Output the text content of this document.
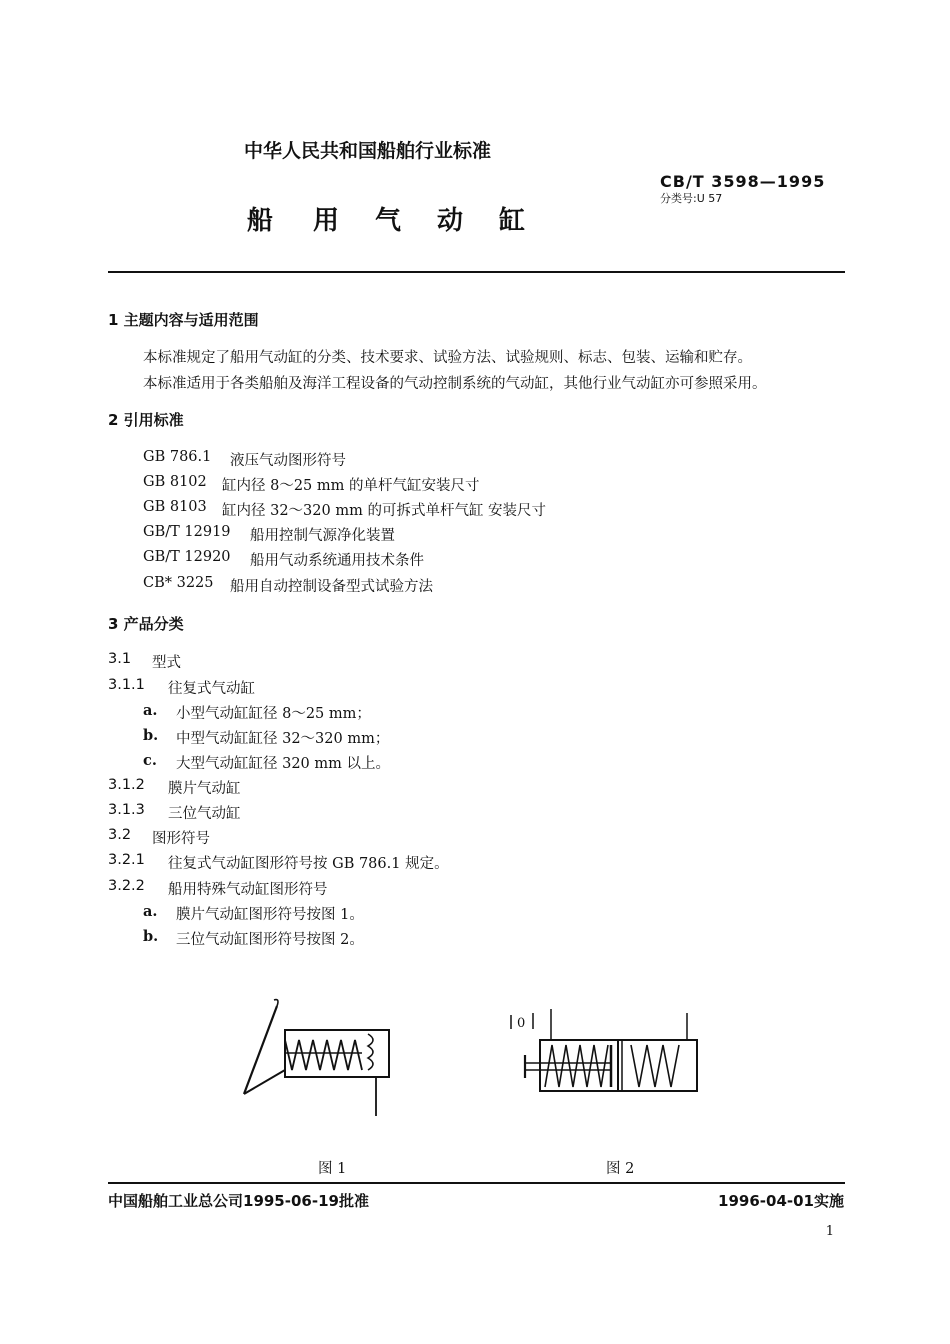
中华人民共和国船舶行业标准
CB/T 3598—1995
分类号:U 57
船 用 气 动 缸
1 主题内容与适用范围
本标准规定了船用气动缸的分类、技术要求、试验方法、试验规则、标志、包装、运输和贮存。
本标准适用于各类船舶及海洋工程设备的气动控制系统的气动缸，其他行业气动缸亦可参照采用。
2 引用标准
GB 786.1 液压气动图形符号
GB 8102 缸内径 8～25 mm 的单杆气缸安装尺寸
GB 8103 缸内径 32～320 mm 的可拆式单杆气缸 安装尺寸
GB/T 12919 船用控制气源净化装置
GB/T 12920 船用气动系统通用技术条件
CB* 3225 船用自动控制设备型式试验方法
3 产品分类
3.1 型式
3.1.1 往复式气动缸
a. 小型气动缸缸径 8～25 mm；
b. 中型气动缸缸径 32～320 mm；
c. 大型气动缸缸径 320 mm 以上。
3.1.2 膜片气动缸
3.1.3 三位气动缸
3.2 图形符号
3.2.1 往复式气动缸图形符号按 GB 786.1 规定。
3.2.2 船用特殊气动缸图形符号
a. 膜片气动缸图形符号按图 1。
b. 三位气动缸图形符号按图 2。
0
图 1	图 2
中国船舶工业总公司1995-06-19批准	1996-04-01实施
1
